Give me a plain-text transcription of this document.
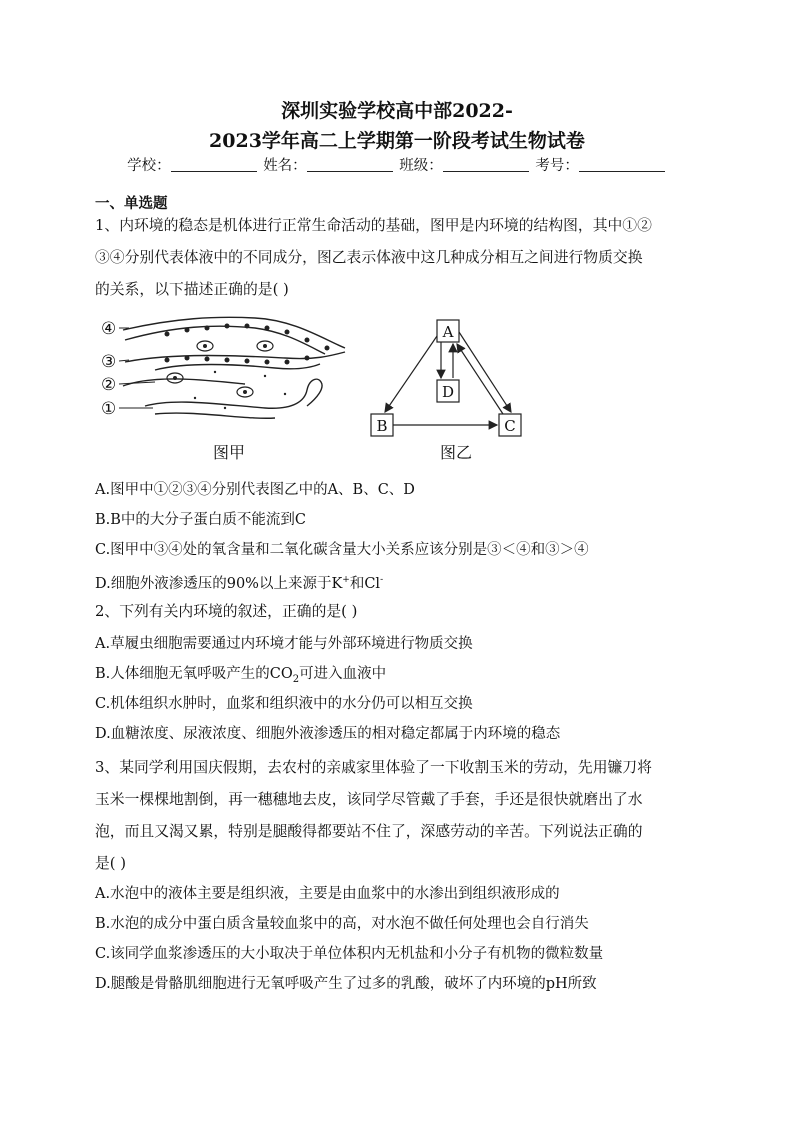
深圳实验学校高中部2022-
2023学年高二上学期第一阶段考试生物试卷
学校：	姓名：	班级：	考号：
一、单选题
1、内环境的稳态是机体进行正常生命活动的基础，图甲是内环境的结构图，其中①②
③④分别代表体液中的不同成分，图乙表示体液中这几种成分相互之间进行物质交换
的关系，以下描述正确的是( )
④
③
②
①
图甲
A
D
B	C
图乙
A.图甲中①②③④分别代表图乙中的A、B、C、D
B.B中的大分子蛋白质不能流到C
C.图甲中③④处的氧含量和二氧化碳含量大小关系应该分别是③＜④和③＞④
D.细胞外液渗透压的90%以上来源于K+和Cl-
2、下列有关内环境的叙述，正确的是( )
A.草履虫细胞需要通过内环境才能与外部环境进行物质交换
B.人体细胞无氧呼吸产生的$CO_2$可进入血液中
C.机体组织水肿时，血浆和组织液中的水分仍可以相互交换
D.血糖浓度、尿液浓度、细胞外液渗透压的相对稳定都属于内环境的稳态
3、某同学利用国庆假期，去农村的亲戚家里体验了一下收割玉米的劳动，先用镰刀将
玉米一棵棵地割倒，再一穗穗地去皮，该同学尽管戴了手套，手还是很快就磨出了水
泡，而且又渴又累，特别是腿酸得都要站不住了，深感劳动的辛苦。下列说法正确的
是( )
A.水泡中的液体主要是组织液，主要是由血浆中的水渗出到组织液形成的
B.水泡的成分中蛋白质含量较血浆中的高，对水泡不做任何处理也会自行消失
C.该同学血浆渗透压的大小取决于单位体积内无机盐和小分子有机物的微粒数量
D.腿酸是骨骼肌细胞进行无氧呼吸产生了过多的乳酸，破坏了内环境的pH所致
